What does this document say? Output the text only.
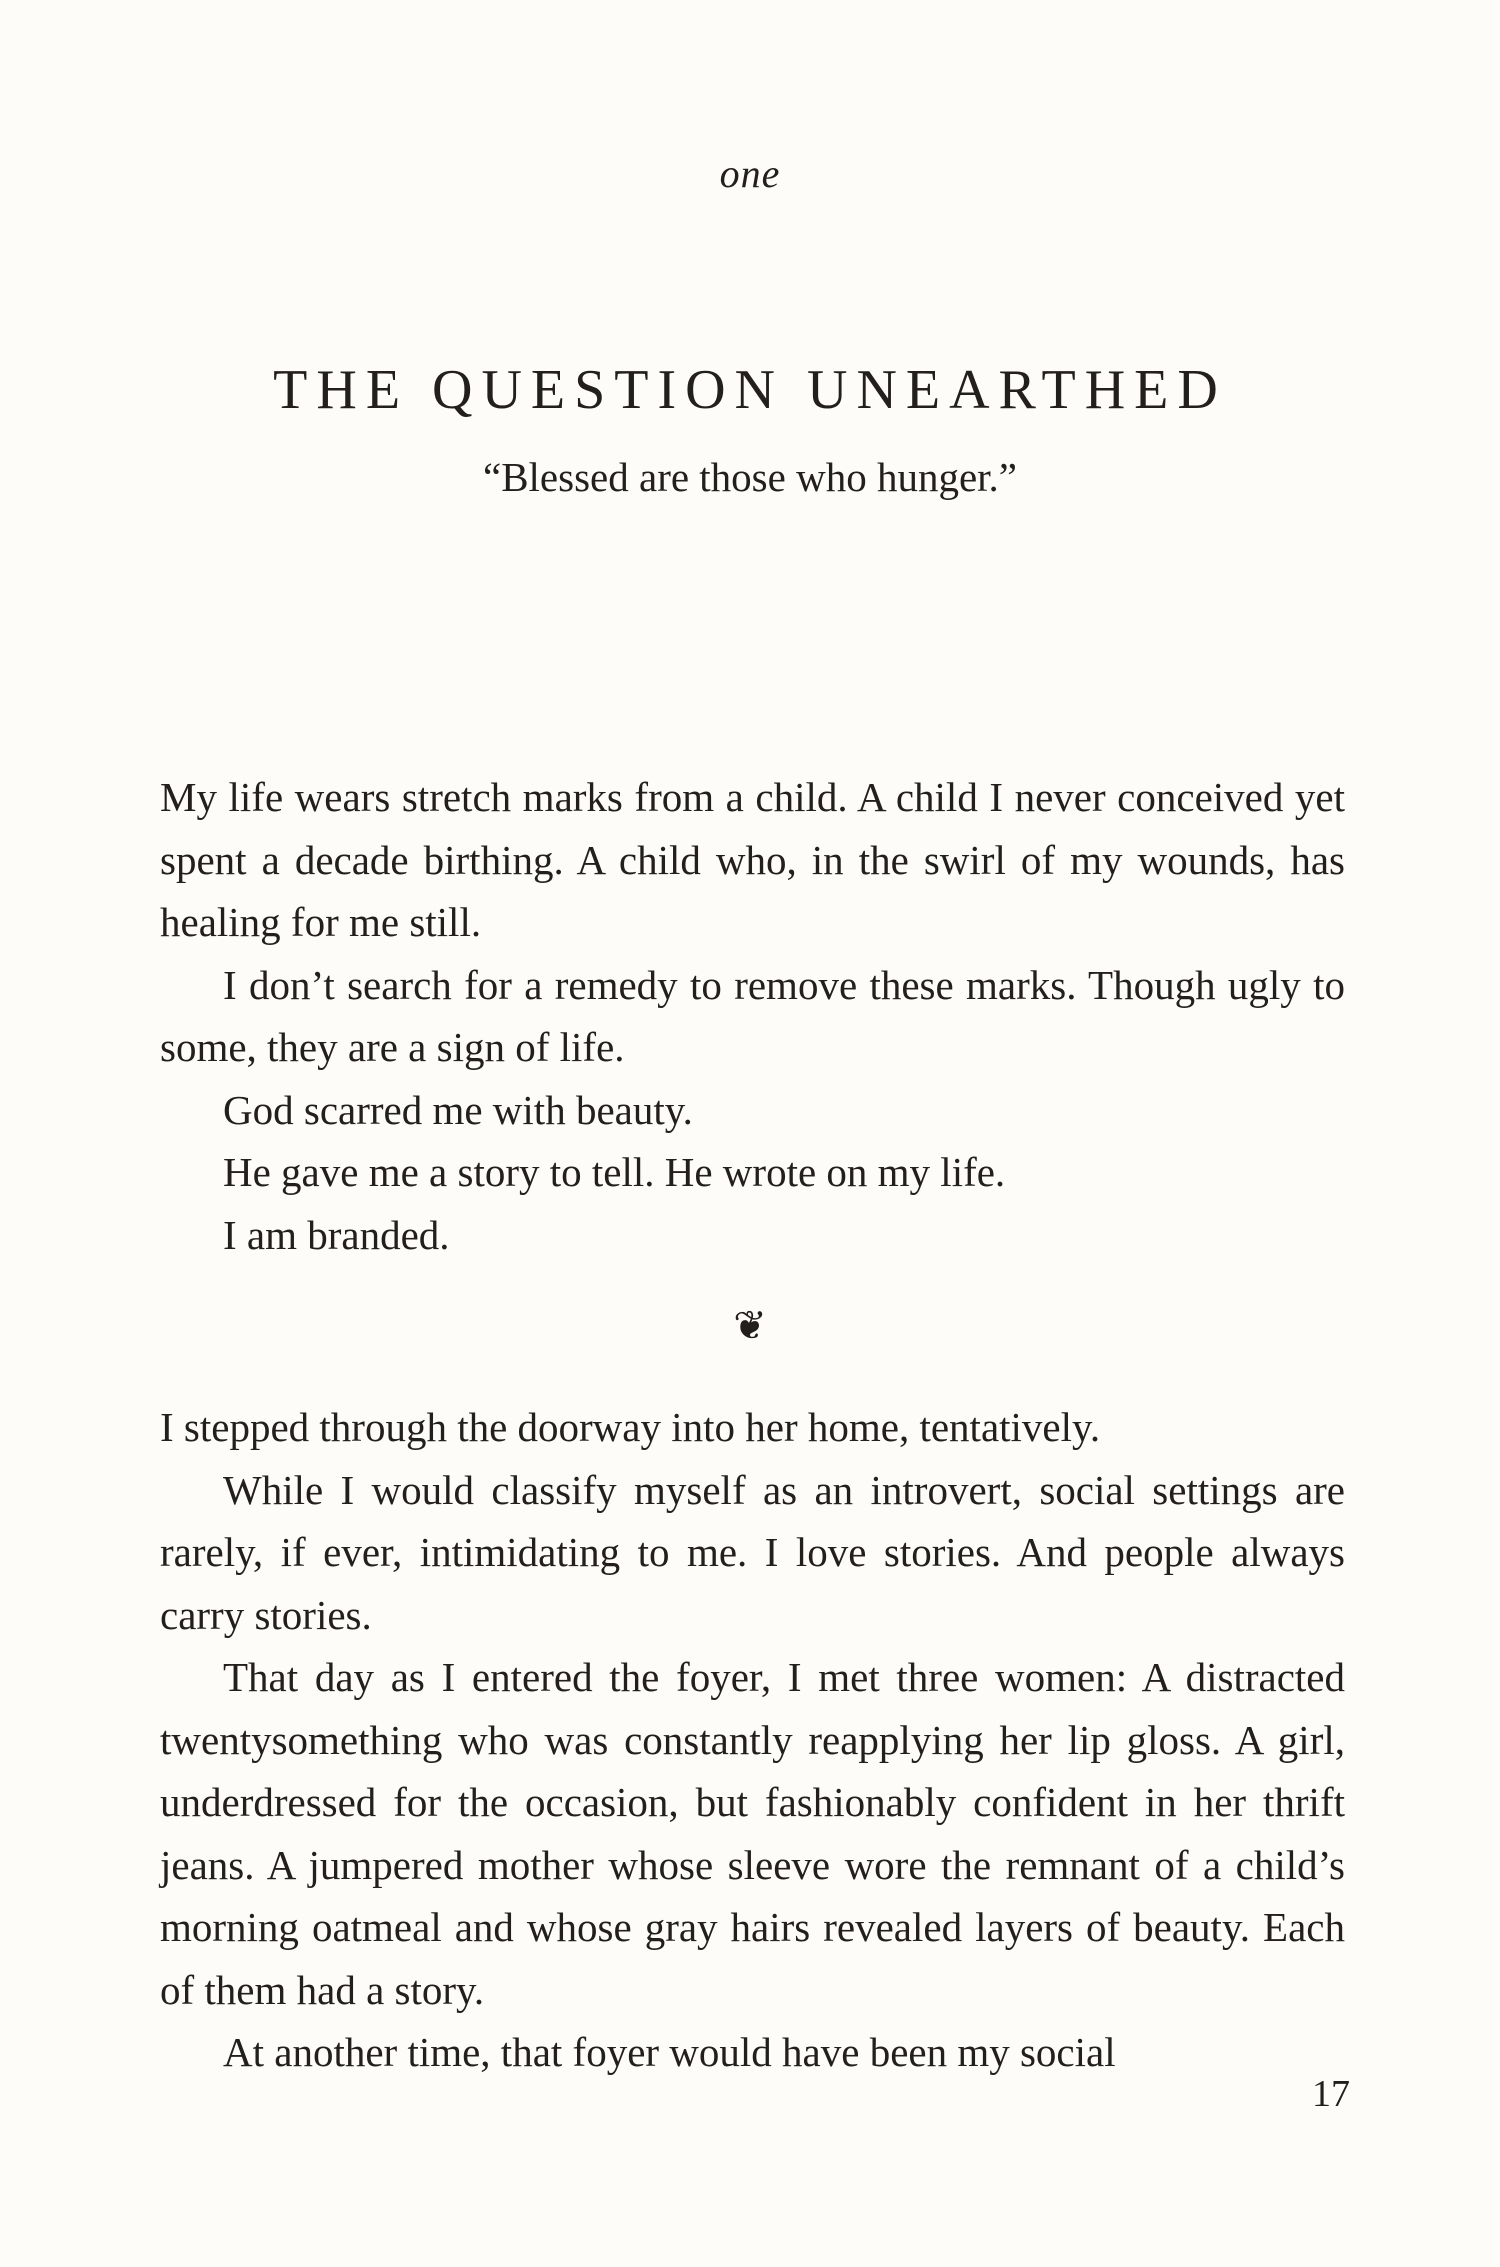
one
THE QUESTION UNEARTHED
“Blessed are those who hunger.”

My life wears stretch marks from a child. A child I never conceived yet spent a decade birthing. A child who, in the swirl of my wounds, has healing for me still.

I don’t search for a remedy to remove these marks. Though ugly to some, they are a sign of life.

God scarred me with beauty.

He gave me a story to tell. He wrote on my life.

I am branded.

❦

I stepped through the doorway into her home, tentatively.

While I would classify myself as an introvert, social settings are rarely, if ever, intimidating to me. I love stories. And people always carry stories.

That day as I entered the foyer, I met three women: A distracted twentysomething who was constantly reapplying her lip gloss. A girl, underdressed for the occasion, but fashionably confident in her thrift jeans. A jumpered mother whose sleeve wore the remnant of a child’s morning oatmeal and whose gray hairs revealed layers of beauty. Each of them had a story.

At another time, that foyer would have been my social

17
